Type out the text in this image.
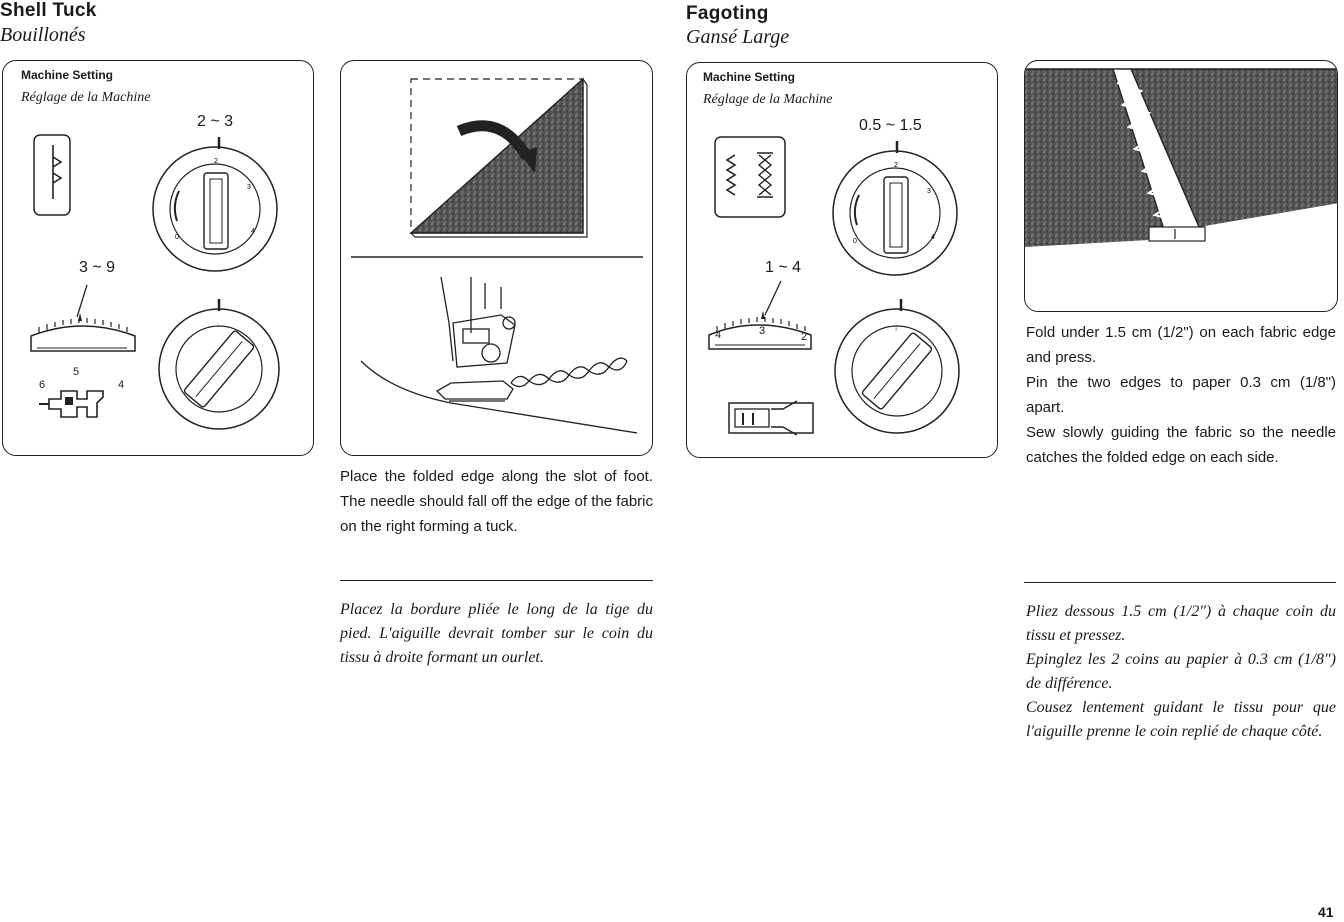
Shell Tuck
Bouillonés
Machine Setting
Réglage de la Machine
2 ~ 3
3 ~ 9
6
5
4
2
3
4
0
:

Place the folded edge along the slot of foot. The needle should fall off the edge of the fabric on the right forming a tuck.

Placez la bordure pliée le long de la tige du pied. L'aiguille devrait tomber sur le coin du tissu à droite formant un ourlet.

Fagoting
Gansé Large
Machine Setting
Réglage de la Machine
0.5 ~ 1.5
1 ~ 4
4	3	2
2
3
4
0
⁝	Fold under 1.5 cm (1/2") on each fabric edge and press.

Pin the two edges to paper 0.3 cm (1/8") apart.

Sew slowly guiding the fabric so the needle catches the folded edge on each side.

Pliez dessous 1.5 cm (1/2") à chaque coin du tissu et pressez.

Epinglez les 2 coins au papier à 0.3 cm (1/8") de différence.

Cousez lentement guidant le tissu pour que l'aiguille prenne le coin replié de chaque côté.

41
